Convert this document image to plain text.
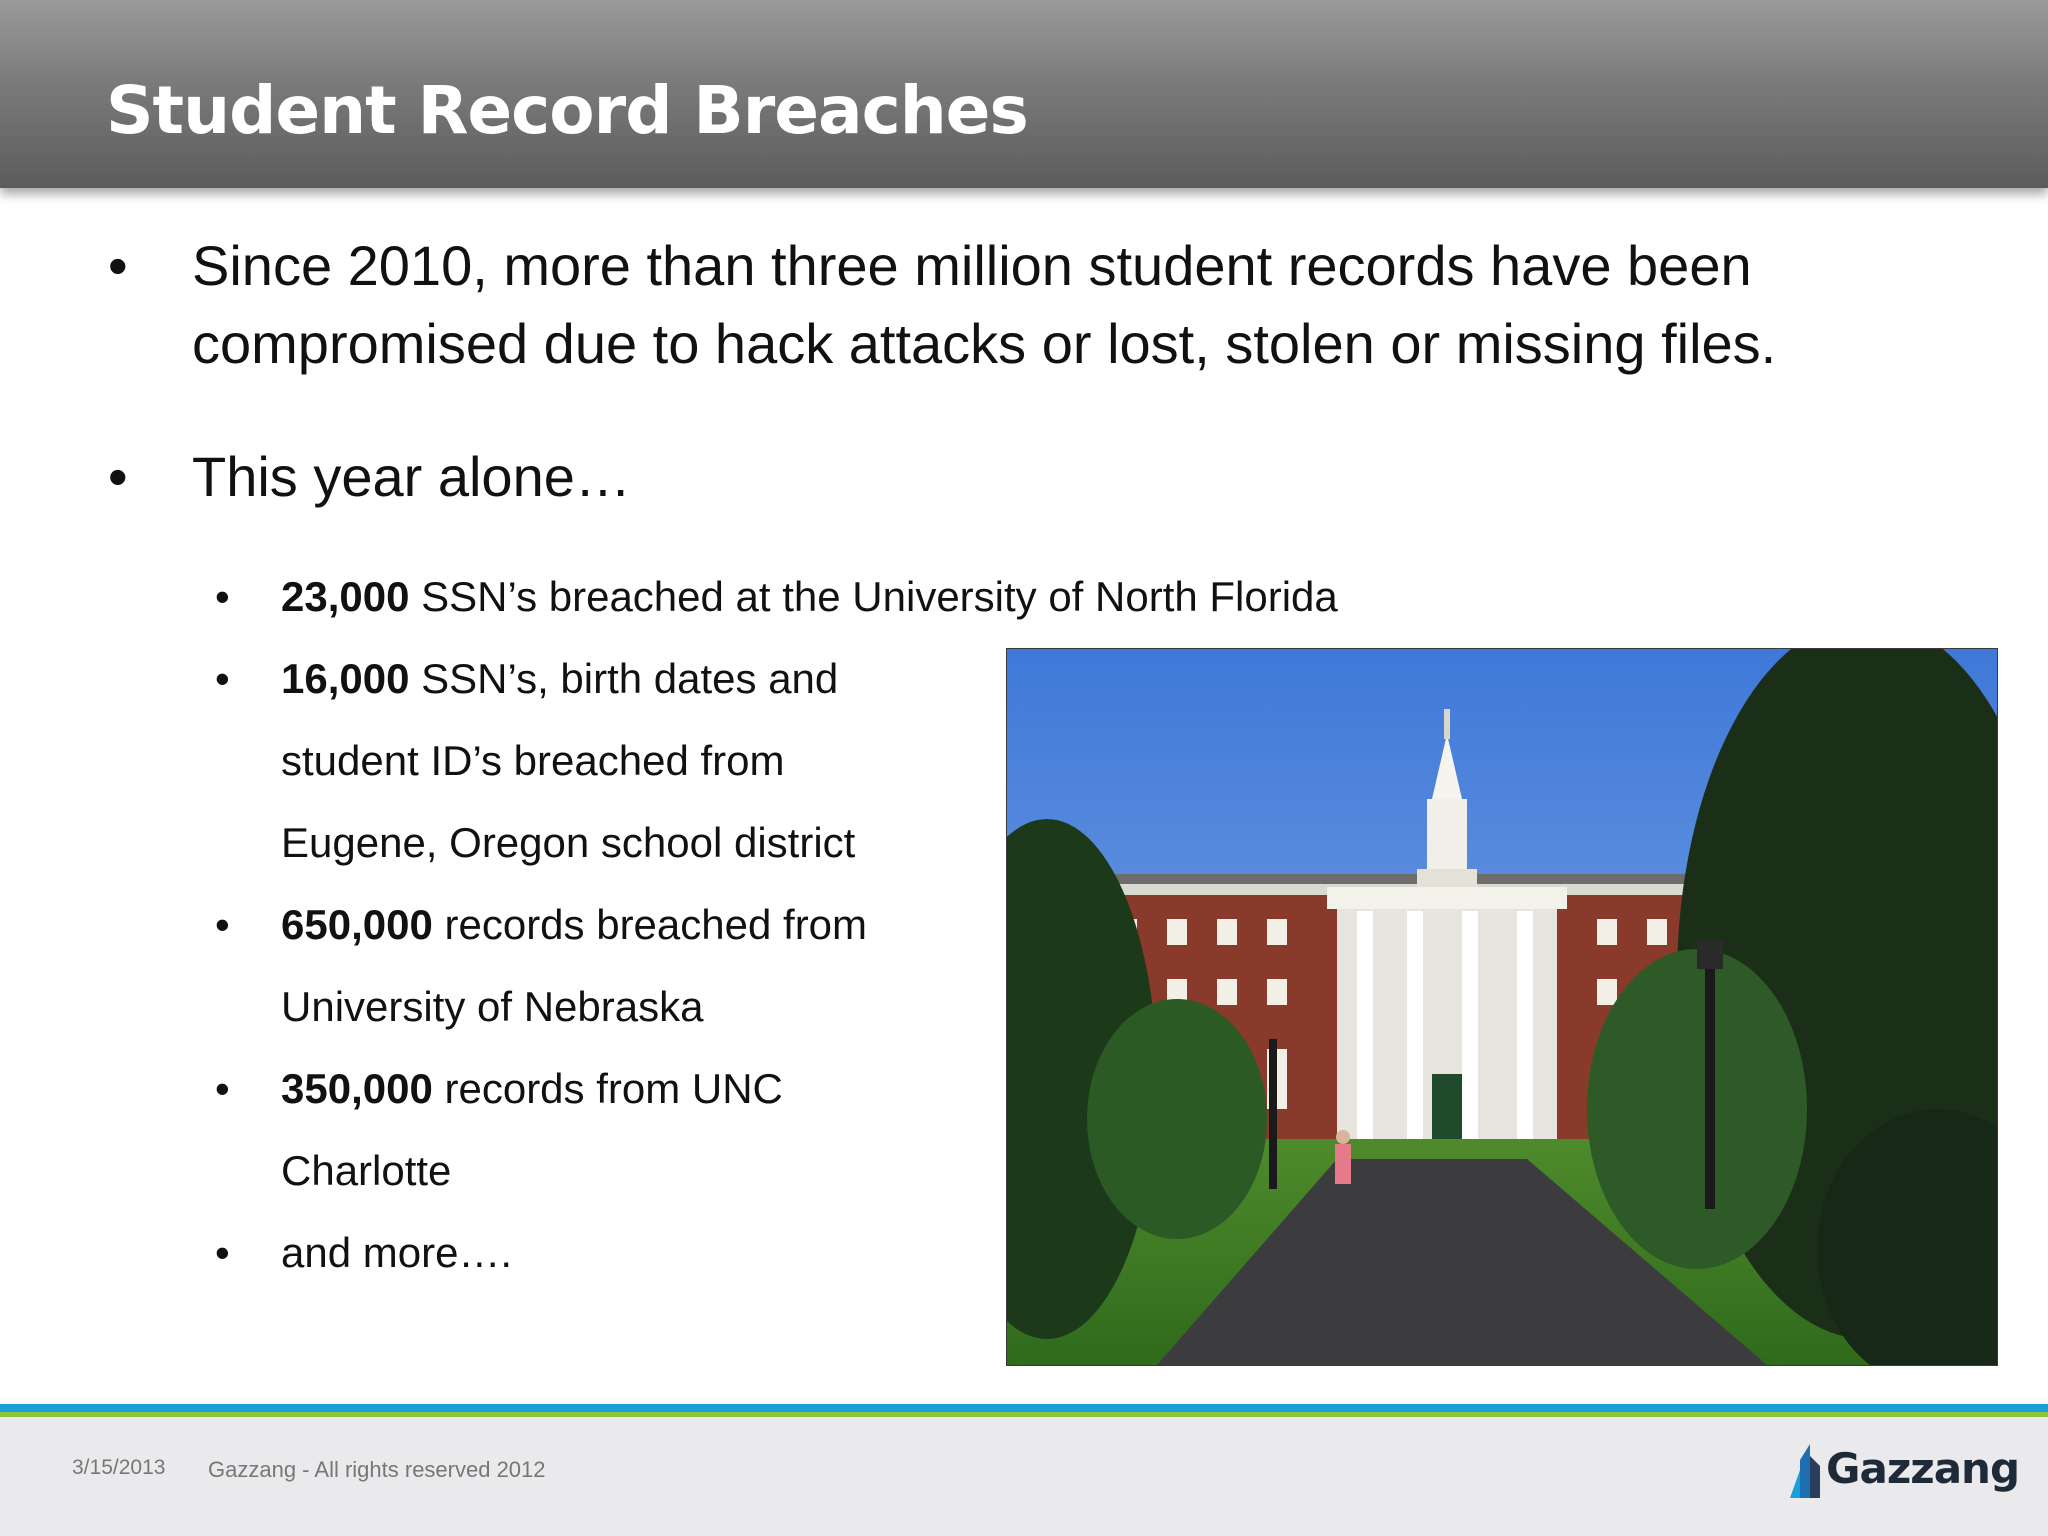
Student Record Breaches
•	Since 2010, more than three million student records have been compromised due to hack attacks or lost, stolen or missing files.
•	This year alone…
• 23,000 SSN’s breached at the University of North Florida
• 16,000 SSN’s, birth dates and
student ID’s breached from
Eugene, Oregon school district
• 650,000 records breached from
University of Nebraska
• 350,000 records from UNC
Charlotte
• and more….
3/15/2013 Gazzang - All rights reserved 2012	Gazzang
